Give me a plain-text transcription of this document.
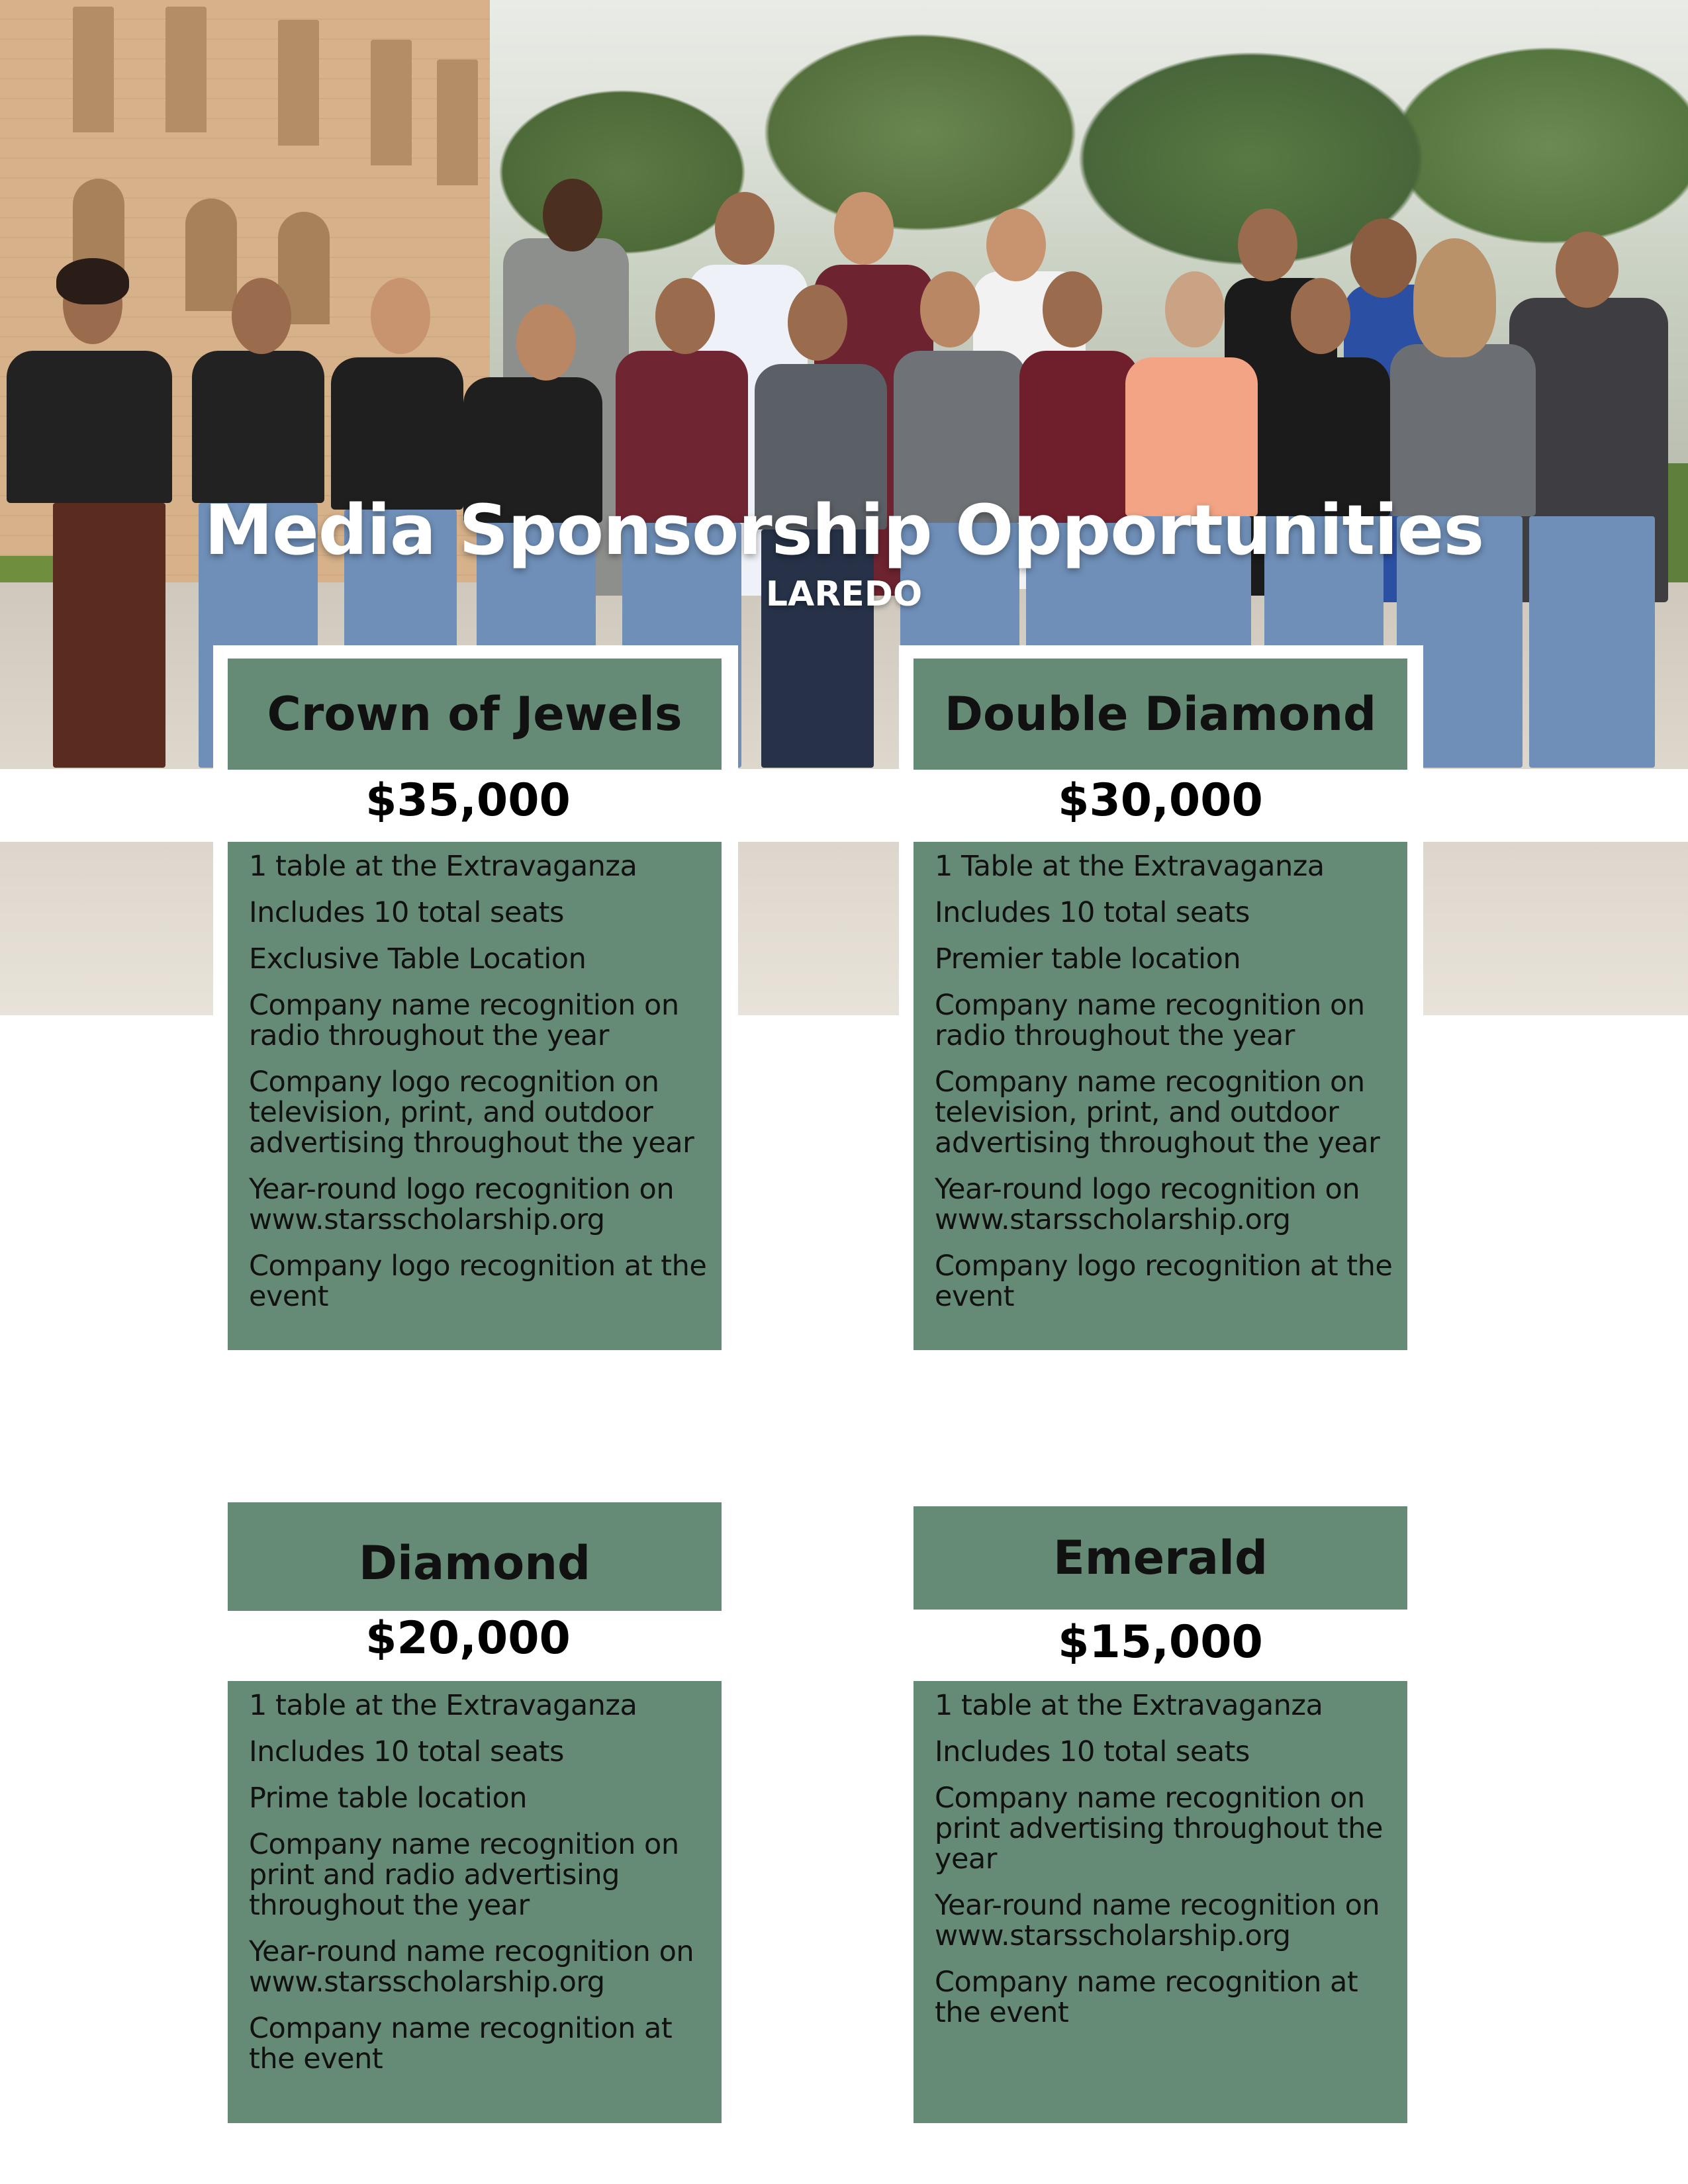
Media Sponsorship Opportunities
LAREDO
Crown of Jewels
$35,000
1 table at the Extravaganza
Includes 10 total seats
Exclusive Table Location
Company name recognition on radio throughout the year
Company logo recognition on television, print, and outdoor advertising throughout the year
Year-round logo recognition on www.starsscholarship.org
Company logo recognition at the event
Double Diamond
$30,000
1 Table at the Extravaganza
Includes 10 total seats
Premier table location
Company name recognition on radio throughout the year
Company name recognition on television, print, and outdoor advertising throughout the year
Year-round logo recognition on www.starsscholarship.org
Company logo recognition at the event
Diamond
$20,000
1 table at the Extravaganza
Includes 10 total seats
Prime table location
Company name recognition on print and radio advertising throughout the year
Year-round name recognition on www.starsscholarship.org
Company name recognition at the event
Emerald
$15,000
1 table at the Extravaganza
Includes 10 total seats
Company name recognition on print advertising throughout the year
Year-round name recognition on www.starsscholarship.org
Company name recognition at the event
